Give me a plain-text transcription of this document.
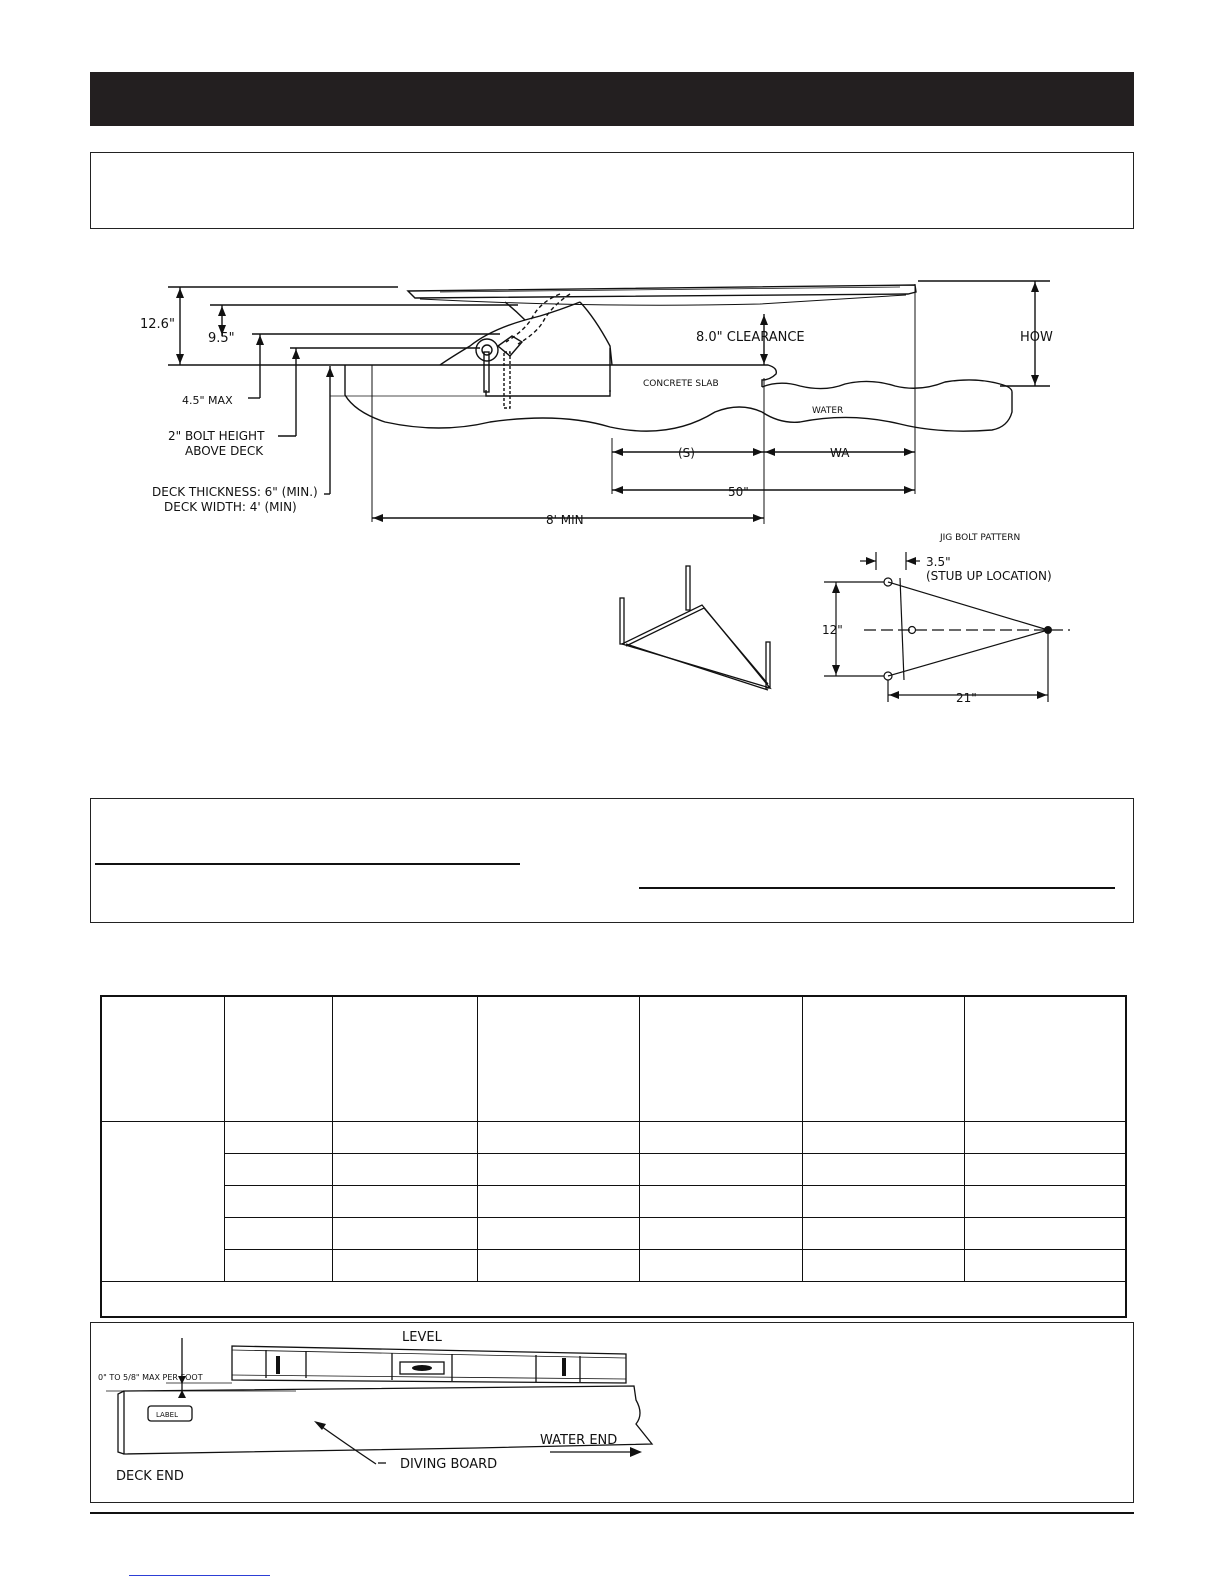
12.6"
9.5"
4.5" MAX
2" BOLT HEIGHT
ABOVE DECK
DECK THICKNESS: 6" (MIN.)
DECK WIDTH: 4' (MIN)
8.0" CLEARANCE	HOW
CONCRETE SLAB
WATER
(S)	WA
50"
8' MIN
JIG BOLT PATTERN
3.5"
(STUB UP LOCATION)
12"
21"

LEVEL
0" TO 5/8" MAX PER FOOT
LABEL
DECK END
WATER END
DIVING BOARD
